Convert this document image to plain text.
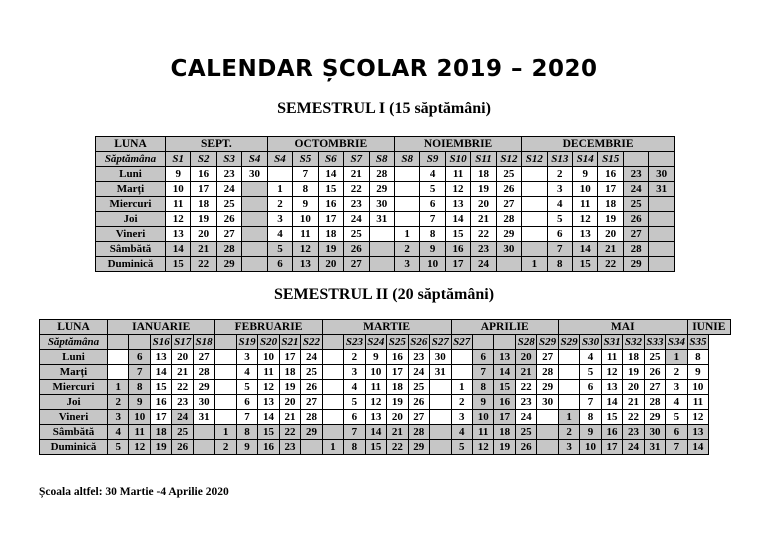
CALENDAR ȘCOLAR 2019 – 2020
SEMESTRUL I (15 săptămâni)
LUNA	SEPT.				OCTOMBRIE					NOIEMBRIE					DECEMBRIE					
Săptămâna	S1	S2	S3	S4	S4	S5	S6	S7	S8	S8	S9	S10	S11	S12	S12	S13	S14	S15		
Luni	9	16	23	30		7	14	21	28		4	11	18	25		2	9	16	23	30
Marți	10	17	24		1	8	15	22	29		5	12	19	26		3	10	17	24	31
Miercuri	11	18	25		2	9	16	23	30		6	13	20	27		4	11	18	25	
Joi	12	19	26		3	10	17	24	31		7	14	21	28		5	12	19	26	
Vineri	13	20	27		4	11	18	25		1	8	15	22	29		6	13	20	27	
Sâmbătă	14	21	28		5	12	19	26		2	9	16	23	30		7	14	21	28	
Duminică	15	22	29		6	13	20	27		3	10	17	24		1	8	15	22	29	
SEMESTRUL II (20 săptămâni)
LUNA	IANUARIE					FEBRUARIE					MARTIE						APRILIE					MAI						IUNIE
Săptămâna			S16	S17	S18		S19	S20	S21	S22		S23	S24	S25	S26	S27	S27			S28	S29	S29	S30	S31	S32	S33	S34	S35
Luni		6	13	20	27		3	10	17	24		2	9	16	23	30		6	13	20	27		4	11	18	25	1	8
Marți		7	14	21	28		4	11	18	25		3	10	17	24	31		7	14	21	28		5	12	19	26	2	9
Miercuri	1	8	15	22	29		5	12	19	26		4	11	18	25		1	8	15	22	29		6	13	20	27	3	10
Joi	2	9	16	23	30		6	13	20	27		5	12	19	26		2	9	16	23	30		7	14	21	28	4	11
Vineri	3	10	17	24	31		7	14	21	28		6	13	20	27		3	10	17	24		1	8	15	22	29	5	12
Sâmbătă	4	11	18	25		1	8	15	22	29		7	14	21	28		4	11	18	25		2	9	16	23	30	6	13
Duminică	5	12	19	26		2	9	16	23		1	8	15	22	29		5	12	19	26		3	10	17	24	31	7	14
Școala altfel: 30 Martie -4 Aprilie 2020
